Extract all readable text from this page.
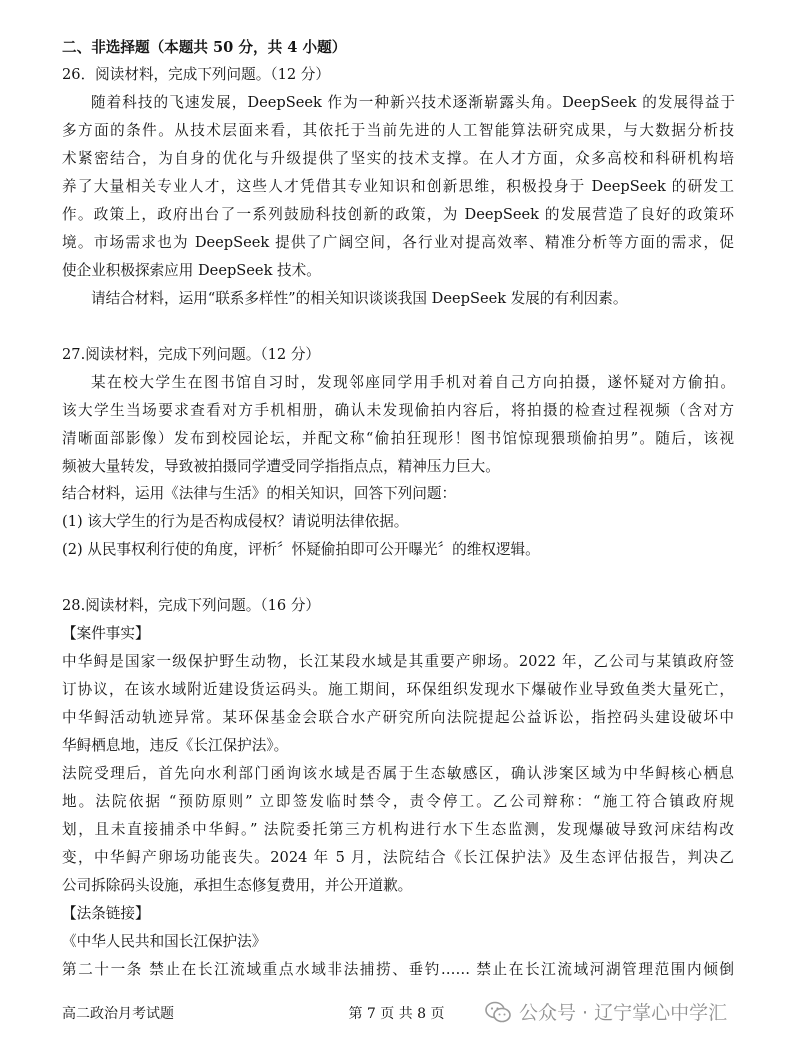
二、非选择题（本题共 50 分，共 4 小题）
26．阅读材料，完成下列问题。（12 分）
随着科技的飞速发展，DeepSeek 作为一种新兴技术逐渐崭露头角。DeepSeek 的发展得益于
多方面的条件。从技术层面来看，其依托于当前先进的人工智能算法研究成果，与大数据分析技
术紧密结合，为自身的优化与升级提供了坚实的技术支撑。在人才方面，众多高校和科研机构培
养了大量相关专业人才，这些人才凭借其专业知识和创新思维，积极投身于 DeepSeek 的研发工
作。政策上，政府出台了一系列鼓励科技创新的政策，为 DeepSeek 的发展营造了良好的政策环
境。市场需求也为 DeepSeek 提供了广阔空间，各行业对提高效率、精准分析等方面的需求，促
使企业积极探索应用 DeepSeek 技术。
请结合材料，运用“联系多样性”的相关知识谈谈我国 DeepSeek 发展的有利因素。
27.阅读材料，完成下列问题。（12 分）
某在校大学生在图书馆自习时，发现邻座同学用手机对着自己方向拍摄，遂怀疑对方偷拍。
该大学生当场要求查看对方手机相册，确认未发现偷拍内容后，将拍摄的检查过程视频（含对方
清晰面部影像）发布到校园论坛，并配文称“偷拍狂现形！图书馆惊现猥琐偷拍男”。随后，该视
频被大量转发，导致被拍摄同学遭受同学指指点点，精神压力巨大。
结合材料，运用《法律与生活》的相关知识，回答下列问题：
(1) 该大学生的行为是否构成侵权？请说明法律依据。
(2) 从民事权利行使的角度，评析〞怀疑偷拍即可公开曝光〞的维权逻辑。
28.阅读材料，完成下列问题。（16 分）
【案件事实】
中华鲟是国家一级保护野生动物，长江某段水域是其重要产卵场。2022 年，乙公司与某镇政府签
订协议，在该水域附近建设货运码头。施工期间，环保组织发现水下爆破作业导致鱼类大量死亡，
中华鲟活动轨迹异常。某环保基金会联合水产研究所向法院提起公益诉讼，指控码头建设破坏中
华鲟栖息地，违反《长江保护法》。
法院受理后，首先向水利部门函询该水域是否属于生态敏感区，确认涉案区域为中华鲟核心栖息
地。法院依据 “预防原则” 立即签发临时禁令，责令停工。乙公司辩称：“施工符合镇政府规
划，且未直接捕杀中华鲟。” 法院委托第三方机构进行水下生态监测，发现爆破导致河床结构改
变，中华鲟产卵场功能丧失。2024 年 5 月，法院结合《长江保护法》及生态评估报告，判决乙
公司拆除码头设施，承担生态修复费用，并公开道歉。
【法条链接】
《中华人民共和国长江保护法》
第二十一条 禁止在长江流域重点水域非法捕捞、垂钓…… 禁止在长江流域河湖管理范围内倾倒
高二政治月考试题	第 7 页 共 8 页	公众号 · 辽宁掌心中学汇
